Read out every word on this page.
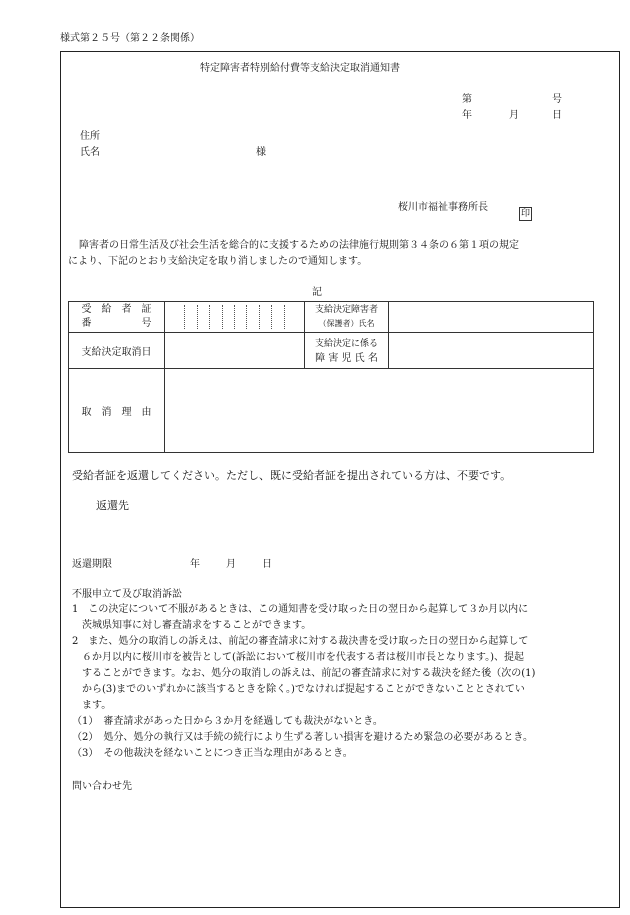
様式第２５号（第２２条関係）
特定障害者特別給付費等支給決定取消通知書
第	号
年	月	日
住所
氏名	様
桜川市福祉事務所長
印
障害者の日常生活及び社会生活を総合的に支援するための法律施行規則第３４条の６第１項の規定
により、下記のとおり支給決定を取り消しましたので通知します。
記
受　給　者　証
番　　　　　号		支給決定障害者
（保護者）氏名	

支給決定取消日		支給決定に係る
障 害 児 氏 名	

取　消　理　由			
受給者証を返還してください。ただし、既に受給者証を提出されている方は、不要です。
返還先
返還期限	年	月	日
不服申立て及び取消訴訟
1　この決定について不服があるときは、この通知書を受け取った日の翌日から起算して３か月以内に
　茨城県知事に対し審査請求をすることができます。
2　また、処分の取消しの訴えは、前記の審査請求に対する裁決書を受け取った日の翌日から起算して
　６か月以内に桜川市を被告として(訴訟において桜川市を代表する者は桜川市長となります。)、提起
　することができます。なお、処分の取消しの訴えは、前記の審査請求に対する裁決を経た後（次の(1)
　から(3)までのいずれかに該当するときを除く。)でなければ提起することができないこととされてい
　ます。
（1）　審査請求があった日から３か月を経過しても裁決がないとき。
（2）　処分、処分の執行又は手続の続行により生ずる著しい損害を避けるため緊急の必要があるとき。
（3）　その他裁決を経ないことにつき正当な理由があるとき。
問い合わせ先
